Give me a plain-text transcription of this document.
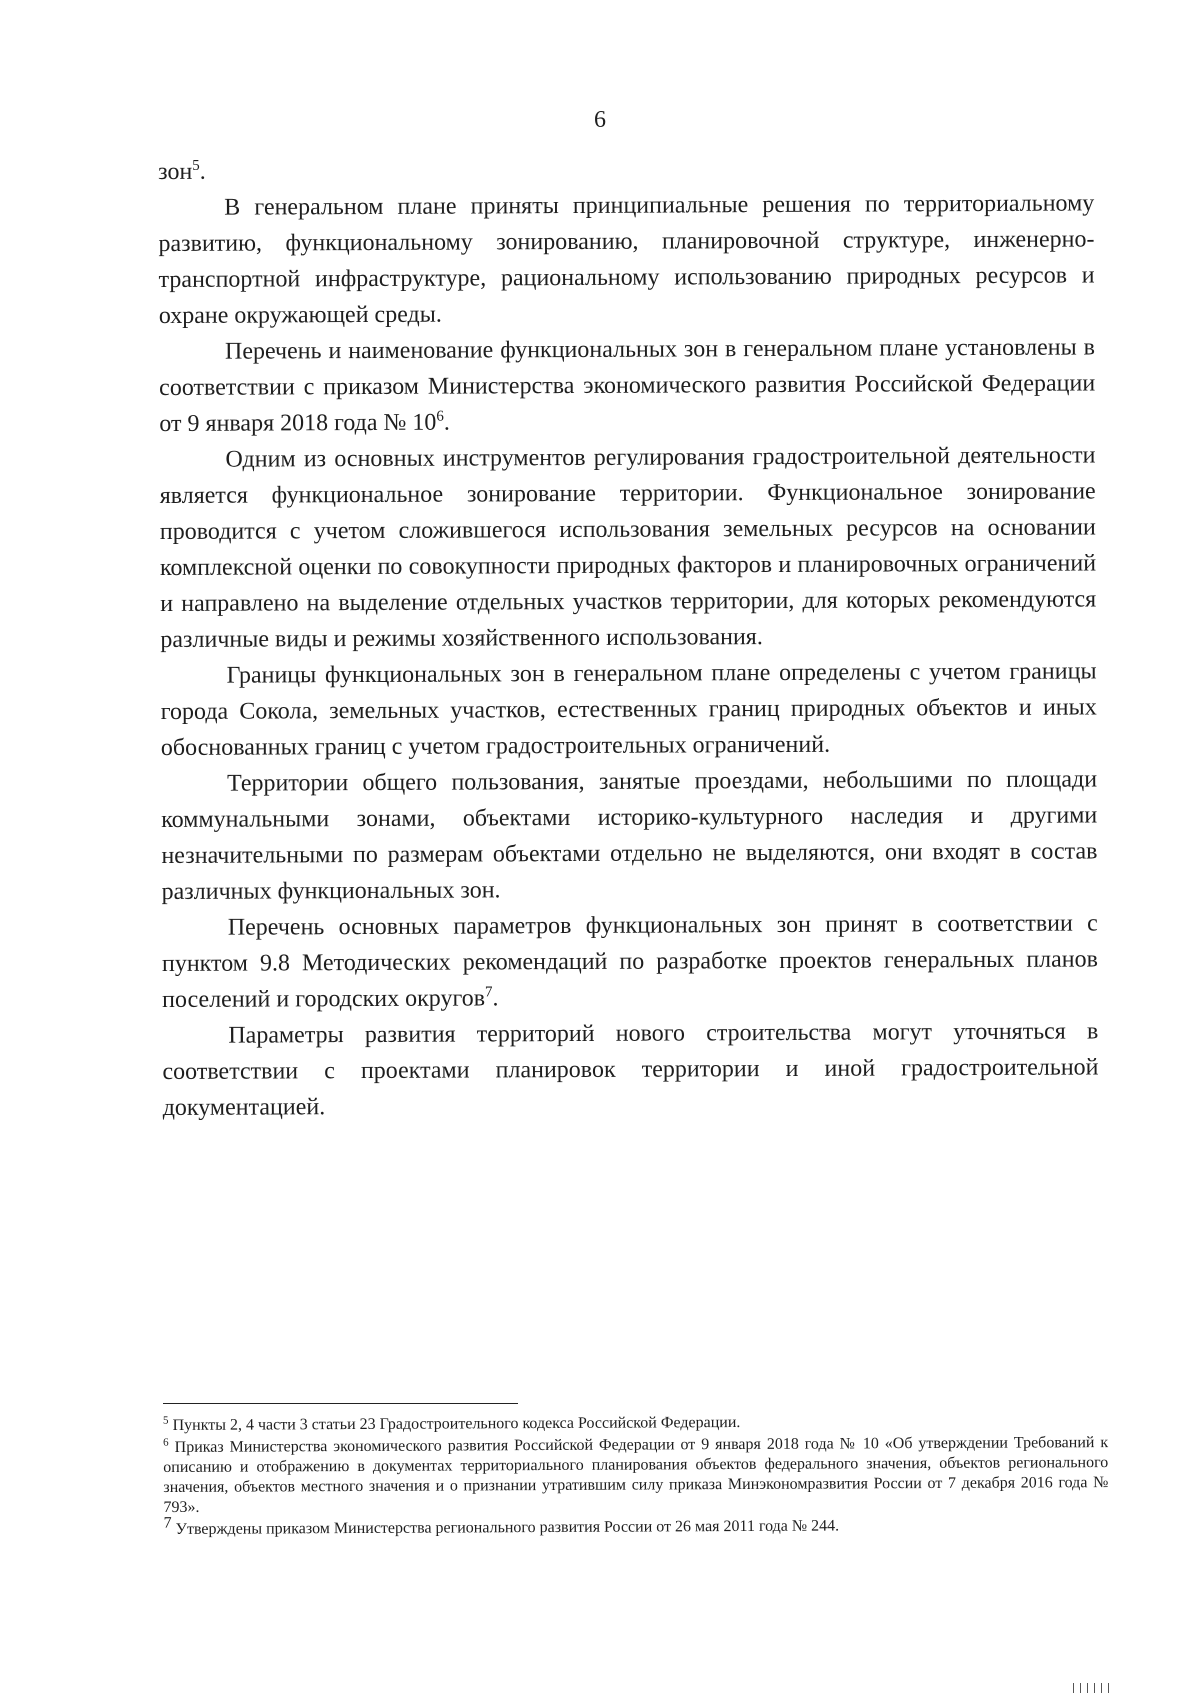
6

зон$^5$.

В генеральном плане приняты принципиальные решения по территориальному развитию, функциональному зонированию, планировочной структуре, инженерно-транспортной инфраструктуре, рациональному использованию природных ресурсов и охране окружающей среды.

Перечень и наименование функциональных зон в генеральном плане установлены в соответствии с приказом Министерства экономического развития Российской Федерации от 9 января 2018 года № $10^6$.

Одним из основных инструментов регулирования градостроительной деятельности является функциональное зонирование территории. Функциональное зонирование проводится с учетом сложившегося использования земельных ресурсов на основании комплексной оценки по совокупности природных факторов и планировочных ограничений и направлено на выделение отдельных участков территории, для которых рекомендуются различные виды и режимы хозяйственного использования.

Границы функциональных зон в генеральном плане определены с учетом границы города Сокола, земельных участков, естественных границ природных объектов и иных обоснованных границ с учетом градостроительных ограничений.

Территории общего пользования, занятые проездами, небольшими по площади коммунальными зонами, объектами историко-культурного наследия и другими незначительными по размерам объектами отдельно не выделяются, они входят в состав различных функциональных зон.

Перечень основных параметров функциональных зон принят в соответствии с пунктом 9.8 Методических рекомендаций по разработке проектов генеральных планов поселений и городских округов$^7$.

Параметры развития территорий нового строительства могут уточняться в соответствии с проектами планировок территории и иной градостроительной документацией.

$^5$ Пункты 2, 4 части 3 статьи 23 Градостроительного кодекса Российской Федерации.

$^6$ Приказ Министерства экономического развития Российской Федерации от 9 января 2018 года № 10 «Об утверждении Требований к описанию и отображению в документах территориального планирования объектов федерального значения, объектов регионального значения, объектов местного значения и о признании утратившим силу приказа Минэкономразвития России от 7 декабря 2016 года № 793».

7 Утверждены приказом Министерства регионального развития России от 26 мая 2011 года № 244.
